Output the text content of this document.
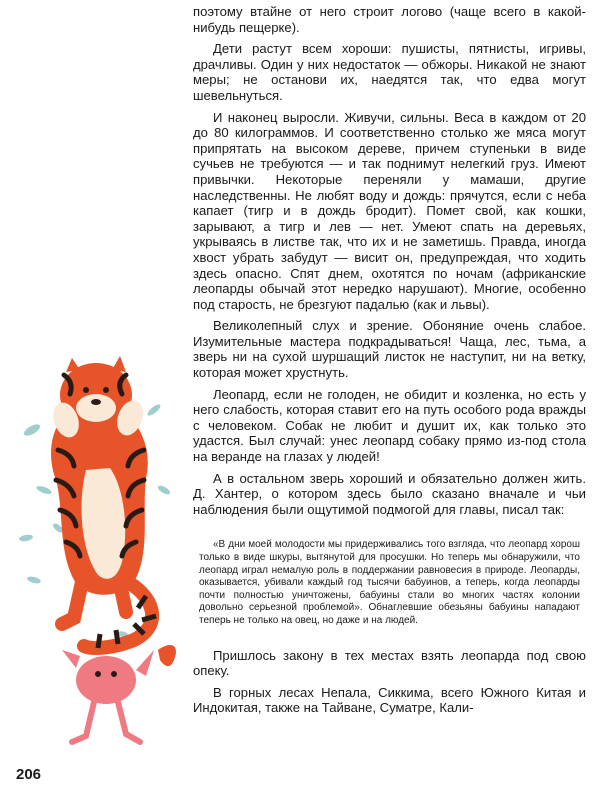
поэтому втайне от него строит логово (чаще всего в какой-нибудь пещерке).

Дети растут всем хороши: пушисты, пятнисты, игривы, драчливы. Один у них недостаток — обжоры. Никакой не знают меры; не останови их, наедятся так, что едва могут шевельнуться.

И наконец выросли. Живучи, сильны. Веса в каждом от 20 до 80 килограммов. И соответственно столько же мяса могут припрятать на высоком дереве, причем ступеньки в виде сучьев не требуются — и так поднимут нелегкий груз. Имеют привычки. Некоторые переняли у мамаши, другие наследственны. Не любят воду и дождь: прячутся, если с неба капает (тигр и в дождь бродит). Помет свой, как кошки, зарывают, а тигр и лев — нет. Умеют спать на деревьях, укрываясь в листве так, что их и не заметишь. Правда, иногда хвост убрать забудут — висит он, предупреждая, что ходить здесь опасно. Спят днем, охотятся по ночам (африканские леопарды обычай этот нередко нарушают). Многие, особенно под старость, не брезгуют падалью (как и львы).

Великолепный слух и зрение. Обоняние очень слабое. Изумительные мастера подкрадываться! Чаща, лес, тьма, а зверь ни на сухой шуршащий листок не наступит, ни на ветку, которая может хрустнуть.

Леопард, если не голоден, не обидит и козленка, но есть у него слабость, которая ставит его на путь особого рода вражды с человеком. Собак не любит и душит их, как только это удастся. Был случай: унес леопард собаку прямо из-под стола на веранде на глазах у людей!

А в остальном зверь хороший и обязательно должен жить. Д. Хантер, о котором здесь было сказано вначале и чьи наблюдения были ощутимой подмогой для главы, писал так:

«В дни моей молодости мы придерживались того взгляда, что леопард хорош только в виде шкуры, вытянутой для просушки. Но теперь мы обнаружили, что леопард играл немалую роль в поддержании равновесия в природе. Леопарды, оказывается, убивали каждый год тысячи бабуинов, а теперь, когда леопарды почти полностью уничтожены, бабуины стали во многих частях колонии довольно серьезной проблемой». Обнаглевшие обезьяны бабуины нападают теперь не только на овец, но даже и на людей.

Пришлось закону в тех местах взять леопарда под свою опеку.

В горных лесах Непала, Сиккима, всего Южного Китая и Индокитая, также на Тайване, Суматре, Кали-

206
